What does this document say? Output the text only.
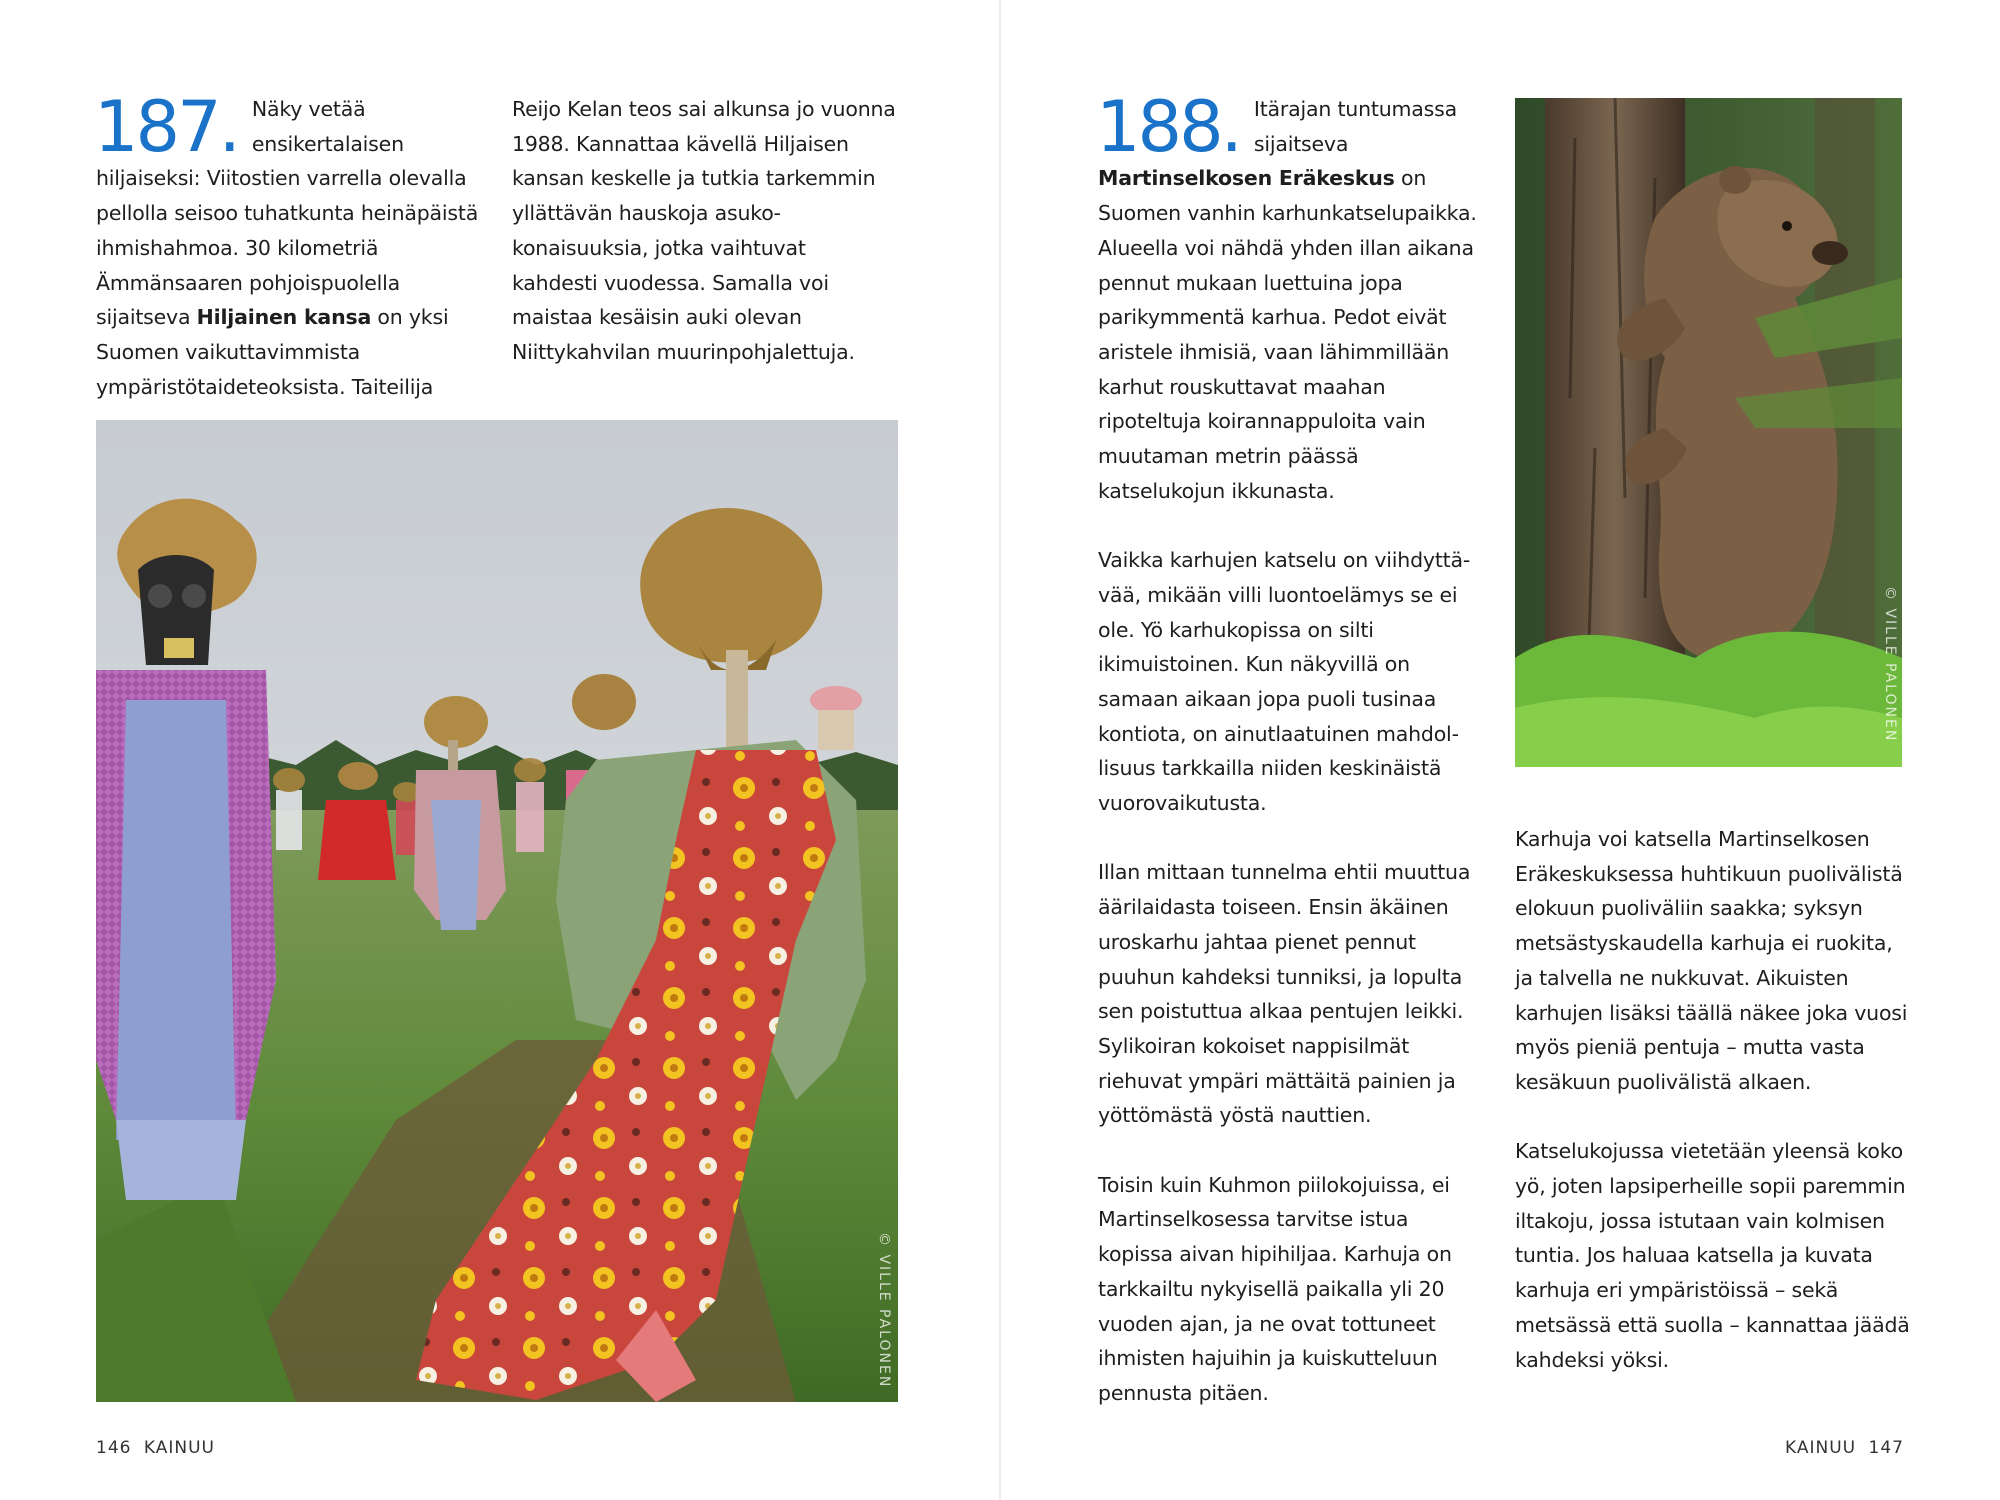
187. Näky vetää ensikertalaisen hiljaiseksi: Viitostien varrella olevalla pellolla seisoo tuhatkunta heinäpäistä ihmishahmoa. 30 kilometriä Ämmänsaaren pohjoispuolella sijaitseva Hiljainen kansa on yksi Suomen vaikuttavimmista ympäristötaideteoksista. Taiteilija

Reijo Kelan teos sai alkunsa jo vuonna 1988. Kannattaa kävellä Hiljaisen kansan keskelle ja tutkia tarkemmin yllättävän hauskoja asukokonaisuuksia, jotka vaihtuvat kahdesti vuodessa. Samalla voi maistaa kesäisin auki olevan Niittykahvilan muurinpohjalettuja.

© VILLE PALONEN
146 KAINUU
188. Itärajan tuntumassa sijaitseva Martinselkosen Eräkeskus on Suomen vanhin karhunkatselupaikka. Alueella voi nähdä yhden illan aikana pennut mukaan luettuina jopa parikymmentä karhua. Pedot eivät aristele ihmisiä, vaan lähimmillään karhut rouskuttavat maahan ripoteltuja koirannappuloita vain muutaman metrin päässä katselukojun ikkunasta.

Vaikka karhujen katselu on viihdyttävää, mikään villi luontoelämys se ei ole. Yö karhukopissa on silti ikimuistoinen. Kun näkyvillä on samaan aikaan jopa puoli tusinaa kontiota, on ainutlaatuinen mahdollisuus tarkkailla niiden keskinäistä vuorovaikutusta.

Illan mittaan tunnelma ehtii muuttua äärilaidasta toiseen. Ensin äkäinen uroskarhu jahtaa pienet pennut puuhun kahdeksi tunniksi, ja lopulta sen poistuttua alkaa pentujen leikki. Sylikoiran kokoiset nappisilmät riehuvat ympäri mättäitä painien ja yöttömästä yöstä nauttien.

Toisin kuin Kuhmon piilokojuissa, ei Martinselkosessa tarvitse istua kopissa aivan hipihiljaa. Karhuja on tarkkailtu nykyisellä paikalla yli 20 vuoden ajan, ja ne ovat tottuneet ihmisten hajuihin ja kuiskutteluun pennusta pitäen.

© VILLE PALONEN

Karhuja voi katsella Martinselkosen Eräkeskuksessa huhtikuun puolivälistä elokuun puoliväliin saakka; syksyn metsästyskaudella karhuja ei ruokita, ja talvella ne nukkuvat. Aikuisten karhujen lisäksi täällä näkee joka vuosi myös pieniä pentuja – mutta vasta kesäkuun puolivälistä alkaen.

Katselukojussa vietetään yleensä koko yö, joten lapsiperheille sopii paremmin iltakoju, jossa istutaan vain kolmisen tuntia. Jos haluaa katsella ja kuvata karhuja eri ympäristöissä – sekä metsässä että suolla – kannattaa jäädä kahdeksi yöksi.

KAINUU 147
